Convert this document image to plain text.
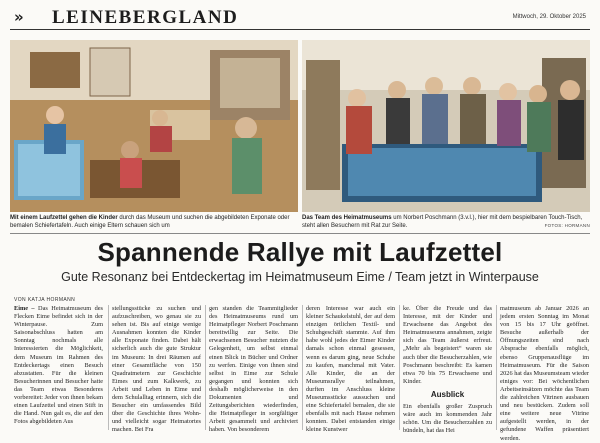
» LEINEBERGLAND	Mittwoch, 29. Oktober 2025
Mit einem Laufzettel gehen die Kinder durch das Museum und suchen die abgebildeten Exponate oder bemalen Schiefertafeln. Auch einige Eltern schauen sich um
Das Team des Heimatmuseums um Norbert Poschmann (3.v.l.), hier mit dem bespielbaren Touch-Tisch, steht allen Besuchern mit Rat zur Seite.	FOTOS: HORMANN
Spannende Rallye mit Laufzettel
Gute Resonanz bei Entdeckertag im Heimatmuseum Eime / Team jetzt in Winterpause
VON KATJA HORMANN
Eime – Das Heimatmuseum des Flecken Eime befindet sich in der Winterpause. Zum Saisonabschluss hatten am Sonntag nochmals alle Interessierten die Möglichkeit, dem Museum im Rahmen des Entdeckertags einen Besuch abzustatten. Für die kleinen Besucherinnen und Besucher hatte das Team etwas Besonderes vorbereitet: Jeder von ihnen bekam einen Laufzettel und einen Stift in die Hand. Nun galt es, die auf den Fotos abgebildeten Aus
stellungsstücke zu suchen und aufzuschreiben, wo genau sie zu sehen ist. Bis auf einige wenige Ausnahmen konnten die Kinder alle Exponate finden. Dabei hält sicherlich auch die gute Struktur im Museum: In drei Räumen auf einer Gesamtfläche von 150 Quadratmetern zur Geschichte Eimes und zum Kalkwerk, zu Arbeit und Leben in Eime und dem Schulalltag erinnern, sich die Besucher ein umfassendes Bild über die Geschichte ihres Wohn- und vielleicht sogar Heimatortes machen. Bei Fra
gen standen die Teammitglieder des Heimatmuseums rund um Heimatpfleger Norbert Poschmann bereitwillig zur Seite. Die erwachsenen Besucher nutzten die Gelegenheit, um selbst einmal einen Blick in Bücher und Ordner zu werfen. Einige von ihnen sind selbst in Eime zur Schule gegangen und konnten sich deshalb möglicherweise in den Dokumenten und Zeitungsberichten wiederfinden, die Heimatpfleger in sorgfältiger Arbeit gesammelt und archiviert haben. Von besonderem
deren Interesse war auch ein kleiner Schaukelstuhl, der auf dem einzigen örtlichen Textil- und Schuhgeschäft stammte. Auf ihm habe wohl jedes der Eimer Kinder damals schon einmal gesessen, wenn es darum ging, neue Schuhe zu kaufen, manchmal mit Vater. Alle Kinder, die an der Museumsrallye teilnahmen, durften im Anschluss kleine Museumsstücke aussuchen und eine Schiefertafel bemalen, die sie ebenfalls mit nach Hause nehmen konnten. Dabei entstanden einige kleine Kunstwer
ke. Über die Freude und das Interesse, mit der Kinder und Erwachsene das Angebot des Heimatmuseums annahmen, zeigte sich das Team äußerst erfreut. „Mehr als begeistert“ waren sie auch über die Besucherzahlen, wie Poschmann beschreibt: Es kamen etwa 70 bis 75 Erwachsene und Kinder.
Ausblick
Ein ebenfalls großer Zuspruch wäre auch im kommenden Jahr schön. Um die Besucherzahlen zu bündeln, hat das Hei
matmuseum ab Januar 2026 an jedem ersten Sonntag im Monat von 15 bis 17 Uhr geöffnet. Besuche außerhalb der Öffnungszeiten sind nach Absprache ebenfalls möglich, ebenso Gruppenausflüge im Heimatmuseum. Für die Saison 2026 hat das Museumsteam wieder einiges vor: Bei wöchentlichen Arbeitseinsätzen möchte das Team die zahlreichen Vitrinen ausbauen und neu bestücken. Zudem soll eine weitere neue Vitrine aufgestellt werden, in der gefundene Waffen präsentiert werden.
